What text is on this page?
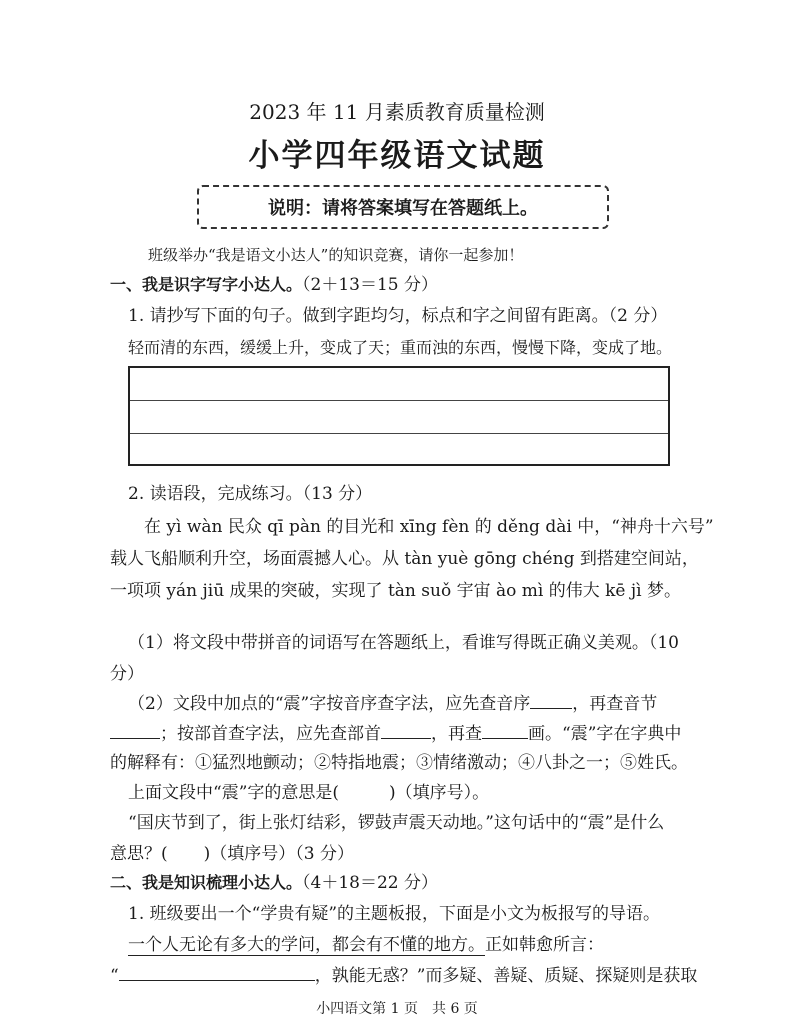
2023 年 11 月素质教育质量检测
小学四年级语文试题
说明：请将答案填写在答题纸上。
班级举办“我是语文小达人”的知识竞赛，请你一起参加！
一、我是识字写字小达人。（2＋13＝15 分）
1. 请抄写下面的句子。做到字距均匀，标点和字之间留有距离。（2 分）
轻而清的东西，缓缓上升，变成了天；重而浊的东西，慢慢下降，变成了地。
2. 读语段，完成练习。（13 分）
在 yì wàn 民众 qī pàn 的目光和 xīng fèn 的 děng dài 中，“神舟十六号”
载人飞船顺利升空，场面震撼人心。从 tàn yuè gōng chéng 到搭建空间站，
一项项 yán jiū 成果的突破，实现了 tàn suǒ 宇宙 ào mì 的伟大 kē jì 梦。
（1）将文段中带拼音的词语写在答题纸上，看谁写得既正确义美观。（10
分）
（2）文段中加点的“震”字按音序查字法，应先查音序 ，再查音节
；按部首查字法，应先查部首	，再查	画。“震”字在字典中
的解释有：①猛烈地颤动；②特指地震；③情绪激动；④八卦之一；⑤姓氏。
上面文段中“震”字的意思是(	)（填序号）。
“国庆节到了，街上张灯结彩，锣鼓声震天动地。”这句话中的“震”是什么
意思？( )（填序号）（3 分）
二、我是知识梳理小达人。（4＋18＝22 分）
1. 班级要出一个“学贵有疑”的主题板报，下面是小文为板报写的导语。
一个人无论有多大的学问，都会有不懂的地方。正如韩愈所言：
“	，孰能无惑？”而多疑、善疑、质疑、探疑则是获取
小四语文第 1 页　共 6 页
